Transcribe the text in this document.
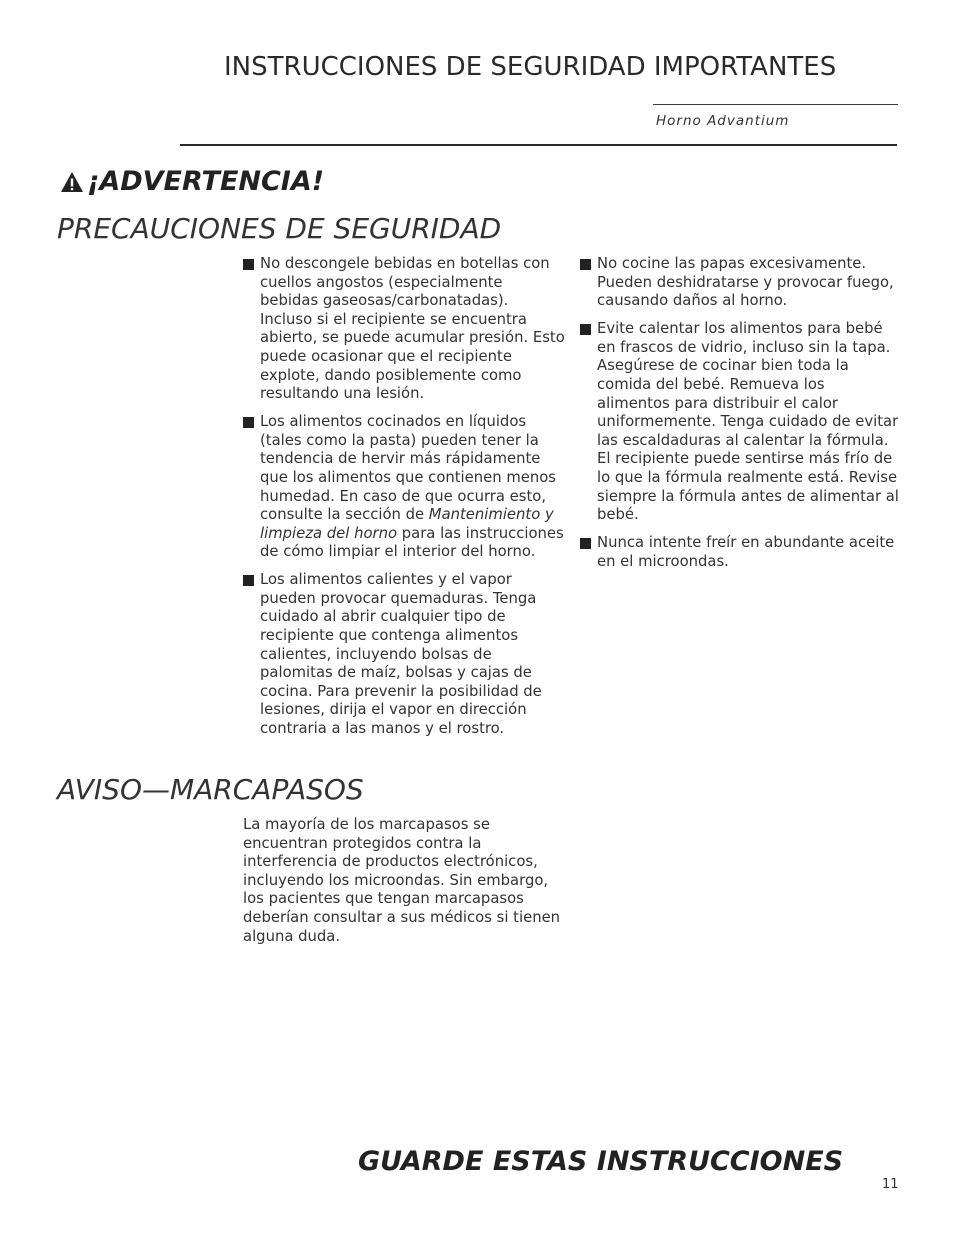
INSTRUCCIONES DE SEGURIDAD IMPORTANTES
Horno Advantium
¡ADVERTENCIA!
PRECAUCIONES DE SEGURIDAD
No descongele bebidas en botellas con cuellos angostos (especialmente bebidas gaseosas/carbonatadas). Incluso si el recipiente se encuentra abierto, se puede acumular presión. Esto puede ocasionar que el recipiente explote, dando posiblemente como resultando una lesión.
Los alimentos cocinados en líquidos (tales como la pasta) pueden tener la tendencia de hervir más rápidamente que los alimentos que contienen menos humedad. En caso de que ocurra esto, consulte la sección de Mantenimiento y limpieza del horno para las instrucciones de cómo limpiar el interior del horno.
Los alimentos calientes y el vapor pueden provocar quemaduras. Tenga cuidado al abrir cualquier tipo de recipiente que contenga alimentos calientes, incluyendo bolsas de palomitas de maíz, bolsas y cajas de cocina. Para prevenir la posibilidad de lesiones, dirija el vapor en dirección contraria a las manos y el rostro.
No cocine las papas excesivamente. Pueden deshidratarse y provocar fuego, causando daños al horno.
Evite calentar los alimentos para bebé en frascos de vidrio, incluso sin la tapa. Asegúrese de cocinar bien toda la comida del bebé. Remueva los alimentos para distribuir el calor uniformemente. Tenga cuidado de evitar las escaldaduras al calentar la fórmula. El recipiente puede sentirse más frío de lo que la fórmula realmente está. Revise siempre la fórmula antes de alimentar al bebé.
Nunca intente freír en abundante aceite en el microondas.
AVISO—MARCAPASOS
La mayoría de los marcapasos se encuentran protegidos contra la interferencia de productos electrónicos, incluyendo los microondas. Sin embargo, los pacientes que tengan marcapasos deberían consultar a sus médicos si tienen alguna duda.
GUARDE ESTAS INSTRUCCIONES
11
